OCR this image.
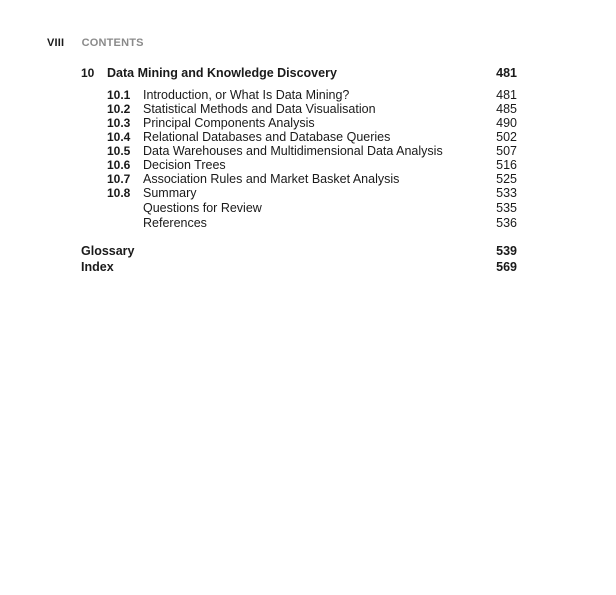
VIII CONTENTS
10 Data Mining and Knowledge Discovery	481
10.1 Introduction, or What Is Data Mining?	481
10.2 Statistical Methods and Data Visualisation	485
10.3 Principal Components Analysis	490
10.4 Relational Databases and Database Queries	502
10.5 Data Warehouses and Multidimensional Data Analysis	507
10.6 Decision Trees	516
10.7 Association Rules and Market Basket Analysis	525
10.8 Summary	533
Questions for Review	535
References	536
Glossary	539
Index	569
